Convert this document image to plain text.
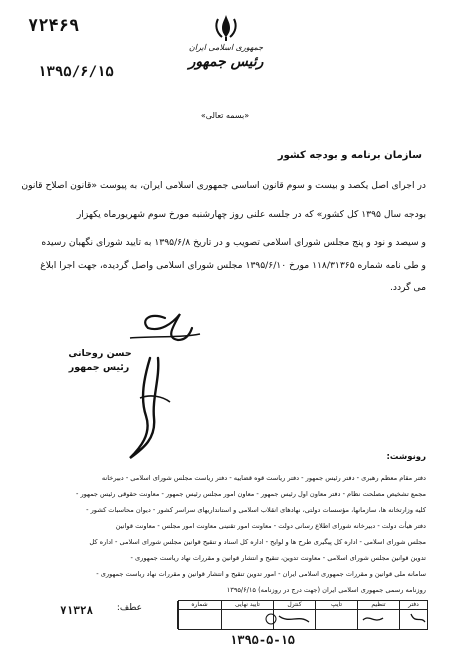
۷۲۴۶۹
۱۳۹۵/۶/۱۵
جمهوری اسلامی ایران
رئیس جمهور
«بسمه تعالی»
سازمان برنامه و بودجه کشور
در اجرای اصل یکصد و بیست و سوم قانون اساسی جمهوری اسلامی ایران، به پیوست «قانون اصلاح قانون
بودجه سال ۱۳۹۵ کل کشور» که در جلسه علنی روز چهارشنبه مورخ سوم شهریورماه یکهزار
و سیصد و نود و پنج مجلس شورای اسلامی تصویب و در تاریخ ۱۳۹۵/۶/۸ به تایید شورای نگهبان رسیده
و طی نامه شماره ۱۱۸/۳۱۳۶۵ مورخ ۱۳۹۵/۶/۱۰ مجلس شورای اسلامی واصل گردیده، جهت اجرا ابلاغ
می گردد.
حسن روحانی
رئیس جمهور
رونوشت:
دفتر مقام معظم رهبری - دفتر رئیس جمهور - دفتر ریاست قوه قضاییه - دفتر ریاست مجلس شورای اسلامی - دبیرخانه
مجمع تشخیص مصلحت نظام - دفتر معاون اول رئیس جمهور - معاون امور مجلس رئیس جمهور - معاونت حقوقی رئیس جمهور -
کلیه وزارتخانه ها، سازمانها، مؤسسات دولتی، نهادهای انقلاب اسلامی و استانداریهای سراسر کشور - دیوان محاسبات کشور -
دفتر هیأت دولت - دبیرخانه شورای اطلاع رسانی دولت - معاونت امور تقنینی معاونت امور مجلس - معاونت قوانین
مجلس شورای اسلامی - اداره کل پیگیری طرح ها و لوایح - اداره کل اسناد و تنقیح قوانین مجلس شورای اسلامی - اداره کل
تدوین قوانین مجلس شورای اسلامی - معاونت تدوین، تنقیح و انتشار قوانین و مقررات نهاد ریاست جمهوری -
سامانه ملی قوانین و مقررات جمهوری اسلامی ایران - امور تدوین تنقیح و انتشار قوانین و مقررات نهاد ریاست جمهوری -
روزنامه رسمی جمهوری اسلامی ایران (جهت درج در روزنامه) ۱۳۹۵/۶/۱۵
۷۱۳۲۸	عطف:	دفتر
تنظیم
تایپ
کنترل
تایید نهایی
شماره
۱۳۹۵-۵-۱۵
